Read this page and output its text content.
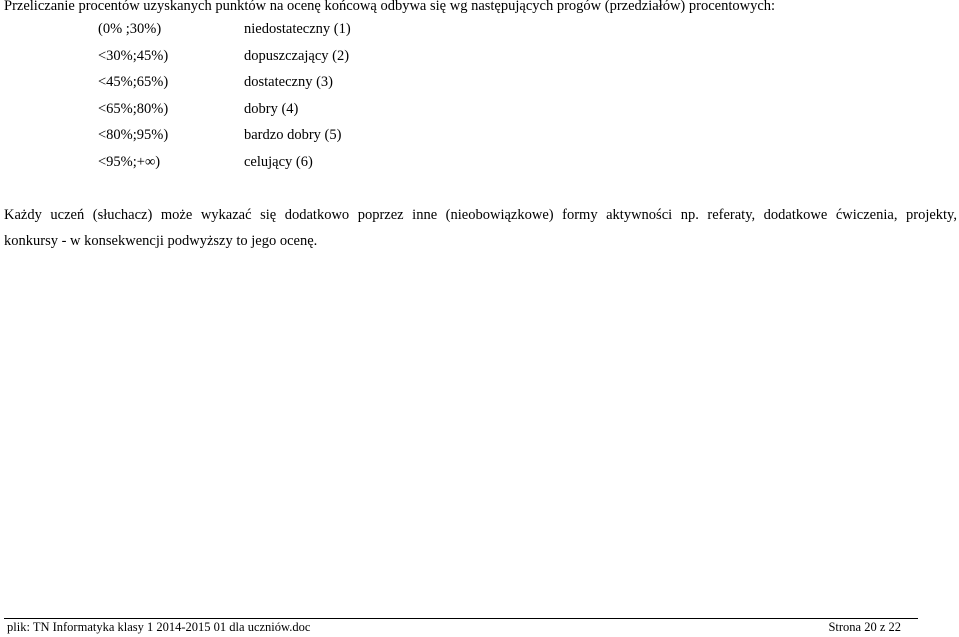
Przeliczanie procentów uzyskanych punktów na ocenę końcową odbywa się wg następujących progów (przedziałów) procentowych:
(0% ;30%)	niedostateczny (1)
<30%;45%)	dopuszczający (2)
<45%;65%)	dostateczny (3)
<65%;80%)	dobry (4)
<80%;95%)	bardzo dobry (5)
<95%;+∞)	celujący (6)
Każdy uczeń (słuchacz) może wykazać się dodatkowo poprzez inne (nieobowiązkowe) formy aktywności np. referaty, dodatkowe ćwiczenia, projekty,
konkursy - w konsekwencji podwyższy to jego ocenę.
plik: TN Informatyka klasy 1 2014-2015 01 dla uczniów.doc	Strona 20 z 22
